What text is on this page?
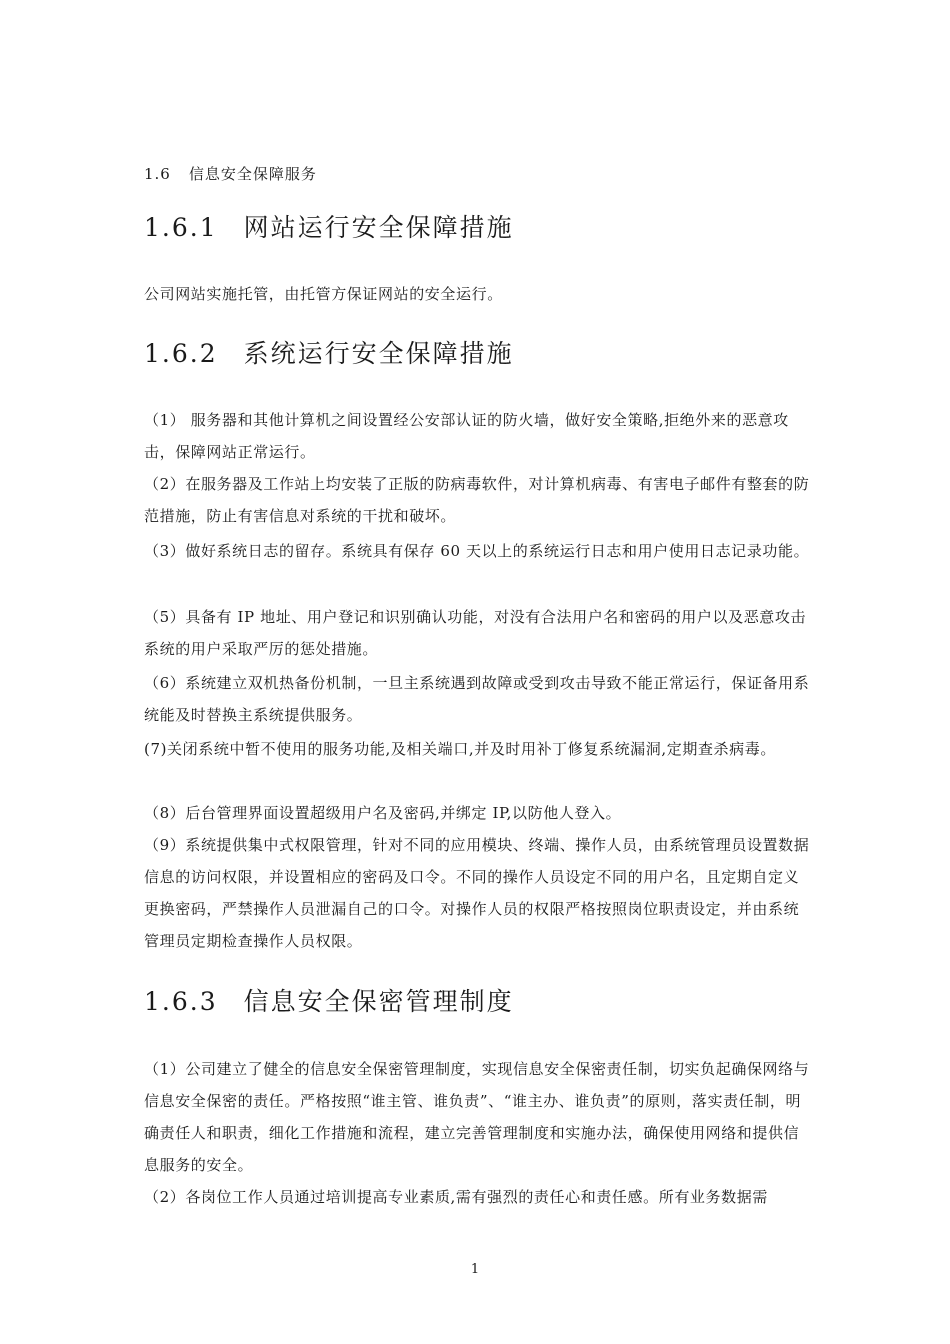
1.6 信息安全保障服务
1.6.1 网站运行安全保障措施
公司网站实施托管，由托管方保证网站的安全运行。
1.6.2 系统运行安全保障措施
（1） 服务器和其他计算机之间设置经公安部认证的防火墙，做好安全策略,拒绝外来的恶意攻击，保障网站正常运行。
（2）在服务器及工作站上均安装了正版的防病毒软件，对计算机病毒、有害电子邮件有整套的防范措施，防止有害信息对系统的干扰和破坏。
（3）做好系统日志的留存。系统具有保存 60 天以上的系统运行日志和用户使用日志记录功能。
（5）具备有 IP 地址、用户登记和识别确认功能，对没有合法用户名和密码的用户以及恶意攻击系统的用户采取严厉的惩处措施。
（6）系统建立双机热备份机制，一旦主系统遇到故障或受到攻击导致不能正常运行，保证备用系统能及时替换主系统提供服务。
(7)关闭系统中暂不使用的服务功能,及相关端口,并及时用补丁修复系统漏洞,定期查杀病毒。
（8）后台管理界面设置超级用户名及密码,并绑定 IP,以防他人登入。
（9）系统提供集中式权限管理，针对不同的应用模块、终端、操作人员，由系统管理员设置数据信息的访问权限，并设置相应的密码及口令。不同的操作人员设定不同的用户名，且定期自定义更换密码，严禁操作人员泄漏自己的口令。对操作人员的权限严格按照岗位职责设定，并由系统管理员定期检查操作人员权限。
1.6.3 信息安全保密管理制度
（1）公司建立了健全的信息安全保密管理制度，实现信息安全保密责任制，切实负起确保网络与信息安全保密的责任。严格按照“谁主管、谁负责”、“谁主办、谁负责”的原则，落实责任制，明确责任人和职责，细化工作措施和流程，建立完善管理制度和实施办法，确保使用网络和提供信息服务的安全。
（2）各岗位工作人员通过培训提高专业素质,需有强烈的责任心和责任感。所有业务数据需
1
